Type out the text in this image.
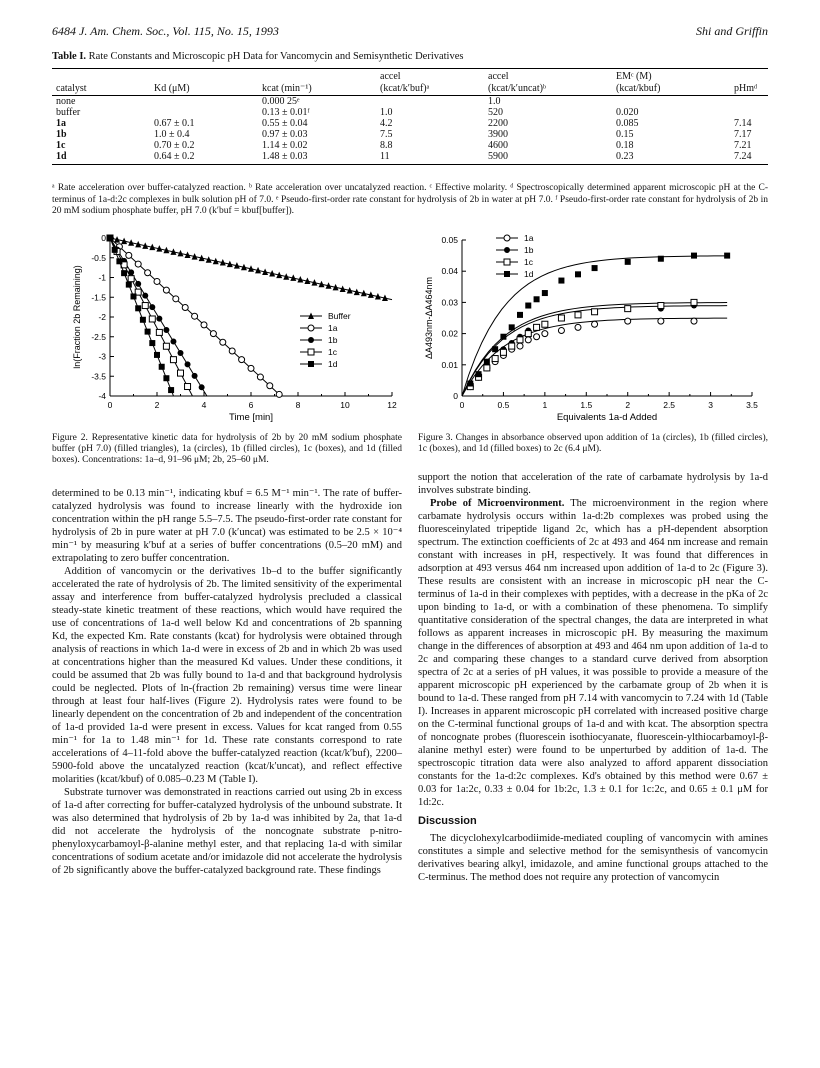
6484 J. Am. Chem. Soc., Vol. 115, No. 15, 1993	Shi and Griffin
Table I. Rate Constants and Microscopic pH Data for Vancomycin and Semisynthetic Derivatives
			accel	accel	EMᶜ (M)	
catalyst	Kd (μM)	kcat (min⁻¹)	(kcat/k′buf)ᵃ	(kcat/k′uncat)ᵇ	(kcat/kbuf)	pHmᵈ
none		0.000 25ᵉ		1.0		
buffer		0.13 ± 0.01ᶠ	1.0	520	0.020	
1a	0.67 ± 0.1	0.55 ± 0.04	4.2	2200	0.085	7.14
1b	1.0 ± 0.4	0.97 ± 0.03	7.5	3900	0.15	7.17
1c	0.70 ± 0.2	1.14 ± 0.02	8.8	4600	0.18	7.21
1d	0.64 ± 0.2	1.48 ± 0.03	11	5900	0.23	7.24
ᵃ Rate acceleration over buffer-catalyzed reaction. ᵇ Rate acceleration over uncatalyzed reaction. ᶜ Effective molarity. ᵈ Spectroscopically determined apparent microscopic pH at the C-terminus of 1a-d:2c complexes in bulk solution pH of 7.0. ᵉ Pseudo-first-order rate constant for hydrolysis of 2b in water at pH 7.0. ᶠ Pseudo-first-order rate constant for hydrolysis of 2b in 20 mM sodium phosphate buffer, pH 7.0 (k′buf = kbuf[buffer]).
0	2	4	6	8	10	12
0
-0.5
-1
-1.5
-2
-2.5
-3
-3.5
-4
Time [min]
ln(Fraction 2b Remaining)	Buffer
1a
1b
1c
1d
Figure 2. Representative kinetic data for hydrolysis of 2b by 20 mM sodium phosphate buffer (pH 7.0) (filled triangles), 1a (circles), 1b (filled circles), 1c (boxes), and 1d (filled boxes). Concentrations: 1a–d, 91–96 μM; 2b, 25–60 μM.
0	0.5	1	1.5	2	2.5	3	3.5
0
0.01
0.02
0.03
0.04
0.05
Equivalents 1a-d Added
ΔA493nm-ΔA464nm
1a
1b
1c
1d
Figure 3. Changes in absorbance observed upon addition of 1a (circles), 1b (filled circles), 1c (boxes), and 1d (filled boxes) to 2c (6.4 μM).

determined to be 0.13 min⁻¹, indicating kbuf = 6.5 M⁻¹ min⁻¹. The rate of buffer-catalyzed hydrolysis was found to increase linearly with the hydroxide ion concentration within the pH range 5.5–7.5. The pseudo-first-order rate constant for hydrolysis of 2b in pure water at pH 7.0 (k′uncat) was estimated to be 2.5 × 10⁻⁴ min⁻¹ by measuring k′buf at a series of buffer concentrations (0.5–20 mM) and extrapolating to zero buffer concentration.

Addition of vancomycin or the derivatives 1b–d to the buffer significantly accelerated the rate of hydrolysis of 2b. The limited sensitivity of the experimental assay and interference from buffer-catalyzed hydrolysis precluded a classical steady-state kinetic treatment of these reactions, which would have required the use of concentrations of 1a-d well below Kd and concentrations of 2b spanning Kd, the expected Km. Rate constants (kcat) for hydrolysis were obtained through analysis of reactions in which 1a-d were in excess of 2b and in which 2b was used at concentrations higher than the measured Kd values. Under these conditions, it could be assumed that 2b was fully bound to 1a-d and that background hydrolysis could be neglected. Plots of ln-(fraction 2b remaining) versus time were linear through at least four half-lives (Figure 2). Hydrolysis rates were found to be linearly dependent on the concentration of 2b and independent of the concentration of 1a-d provided 1a-d were present in excess. Values for kcat ranged from 0.55 min⁻¹ for 1a to 1.48 min⁻¹ for 1d. These rate constants correspond to rate accelerations of 4–11-fold above the buffer-catalyzed reaction (kcat/k′buf), 2200–5900-fold above the uncatalyzed reaction (kcat/k′uncat), and reflect effective molarities (kcat/kbuf) of 0.085–0.23 M (Table I).

Substrate turnover was demonstrated in reactions carried out using 2b in excess of 1a-d after correcting for buffer-catalyzed hydrolysis of the unbound substrate. It was also determined that hydrolysis of 2b by 1a-d was inhibited by 2a, that 1a-d did not accelerate the hydrolysis of the noncognate substrate p-nitro-phenyloxycarbamoyl-β-alanine methyl ester, and that replacing 1a-d with similar concentrations of sodium acetate and/or imidazole did not accelerate the hydrolysis of 2b significantly above the buffer-catalyzed background rate. These findings

support the notion that acceleration of the rate of carbamate hydrolysis by 1a-d involves substrate binding.

Probe of Microenvironment. The microenvironment in the region where carbamate hydrolysis occurs within 1a-d:2b complexes was probed using the fluoresceinylated tripeptide ligand 2c, which has a pH-dependent absorption spectrum. The extinction coefficients of 2c at 493 and 464 nm increase and remain constant with increases in pH, respectively. It was found that differences in adsorption at 493 versus 464 nm increased upon addition of 1a-d to 2c (Figure 3). These results are consistent with an increase in microscopic pH near the C-terminus of 1a-d in their complexes with peptides, with a decrease in the pKa of 2c upon binding to 1a-d, or with a combination of these phenomena. To simplify quantitative consideration of the spectral changes, the data are interpreted in what follows as apparent increases in microscopic pH. By measuring the maximum change in the differences of absorption at 493 and 464 nm upon addition of 1a-d to 2c and comparing these changes to a standard curve derived from absorption spectra of 2c at a series of pH values, it was possible to provide a measure of the apparent microscopic pH experienced by the carbamate group of 2b when it is bound to 1a-d. These ranged from pH 7.14 with vancomycin to 7.24 with 1d (Table I). Increases in apparent microscopic pH correlated with increased positive charge on the C-terminal functional groups of 1a-d and with kcat. The absorption spectra of noncognate probes (fluorescein isothiocyanate, fluorescein-ylthiocarbamoyl-β-alanine methyl ester) were found to be unperturbed by addition of 1a-d. The spectroscopic titration data were also analyzed to afford apparent dissociation constants for the 1a-d:2c complexes. Kd's obtained by this method were 0.67 ± 0.03 for 1a:2c, 0.33 ± 0.04 for 1b:2c, 1.3 ± 0.1 for 1c:2c, and 0.65 ± 0.1 μM for 1d:2c.

Discussion

The dicyclohexylcarbodiimide-mediated coupling of vancomycin with amines constitutes a simple and selective method for the semisynthesis of vancomycin derivatives bearing alkyl, imidazole, and amine functional groups attached to the C-terminus. The method does not require any protection of vancomycin
